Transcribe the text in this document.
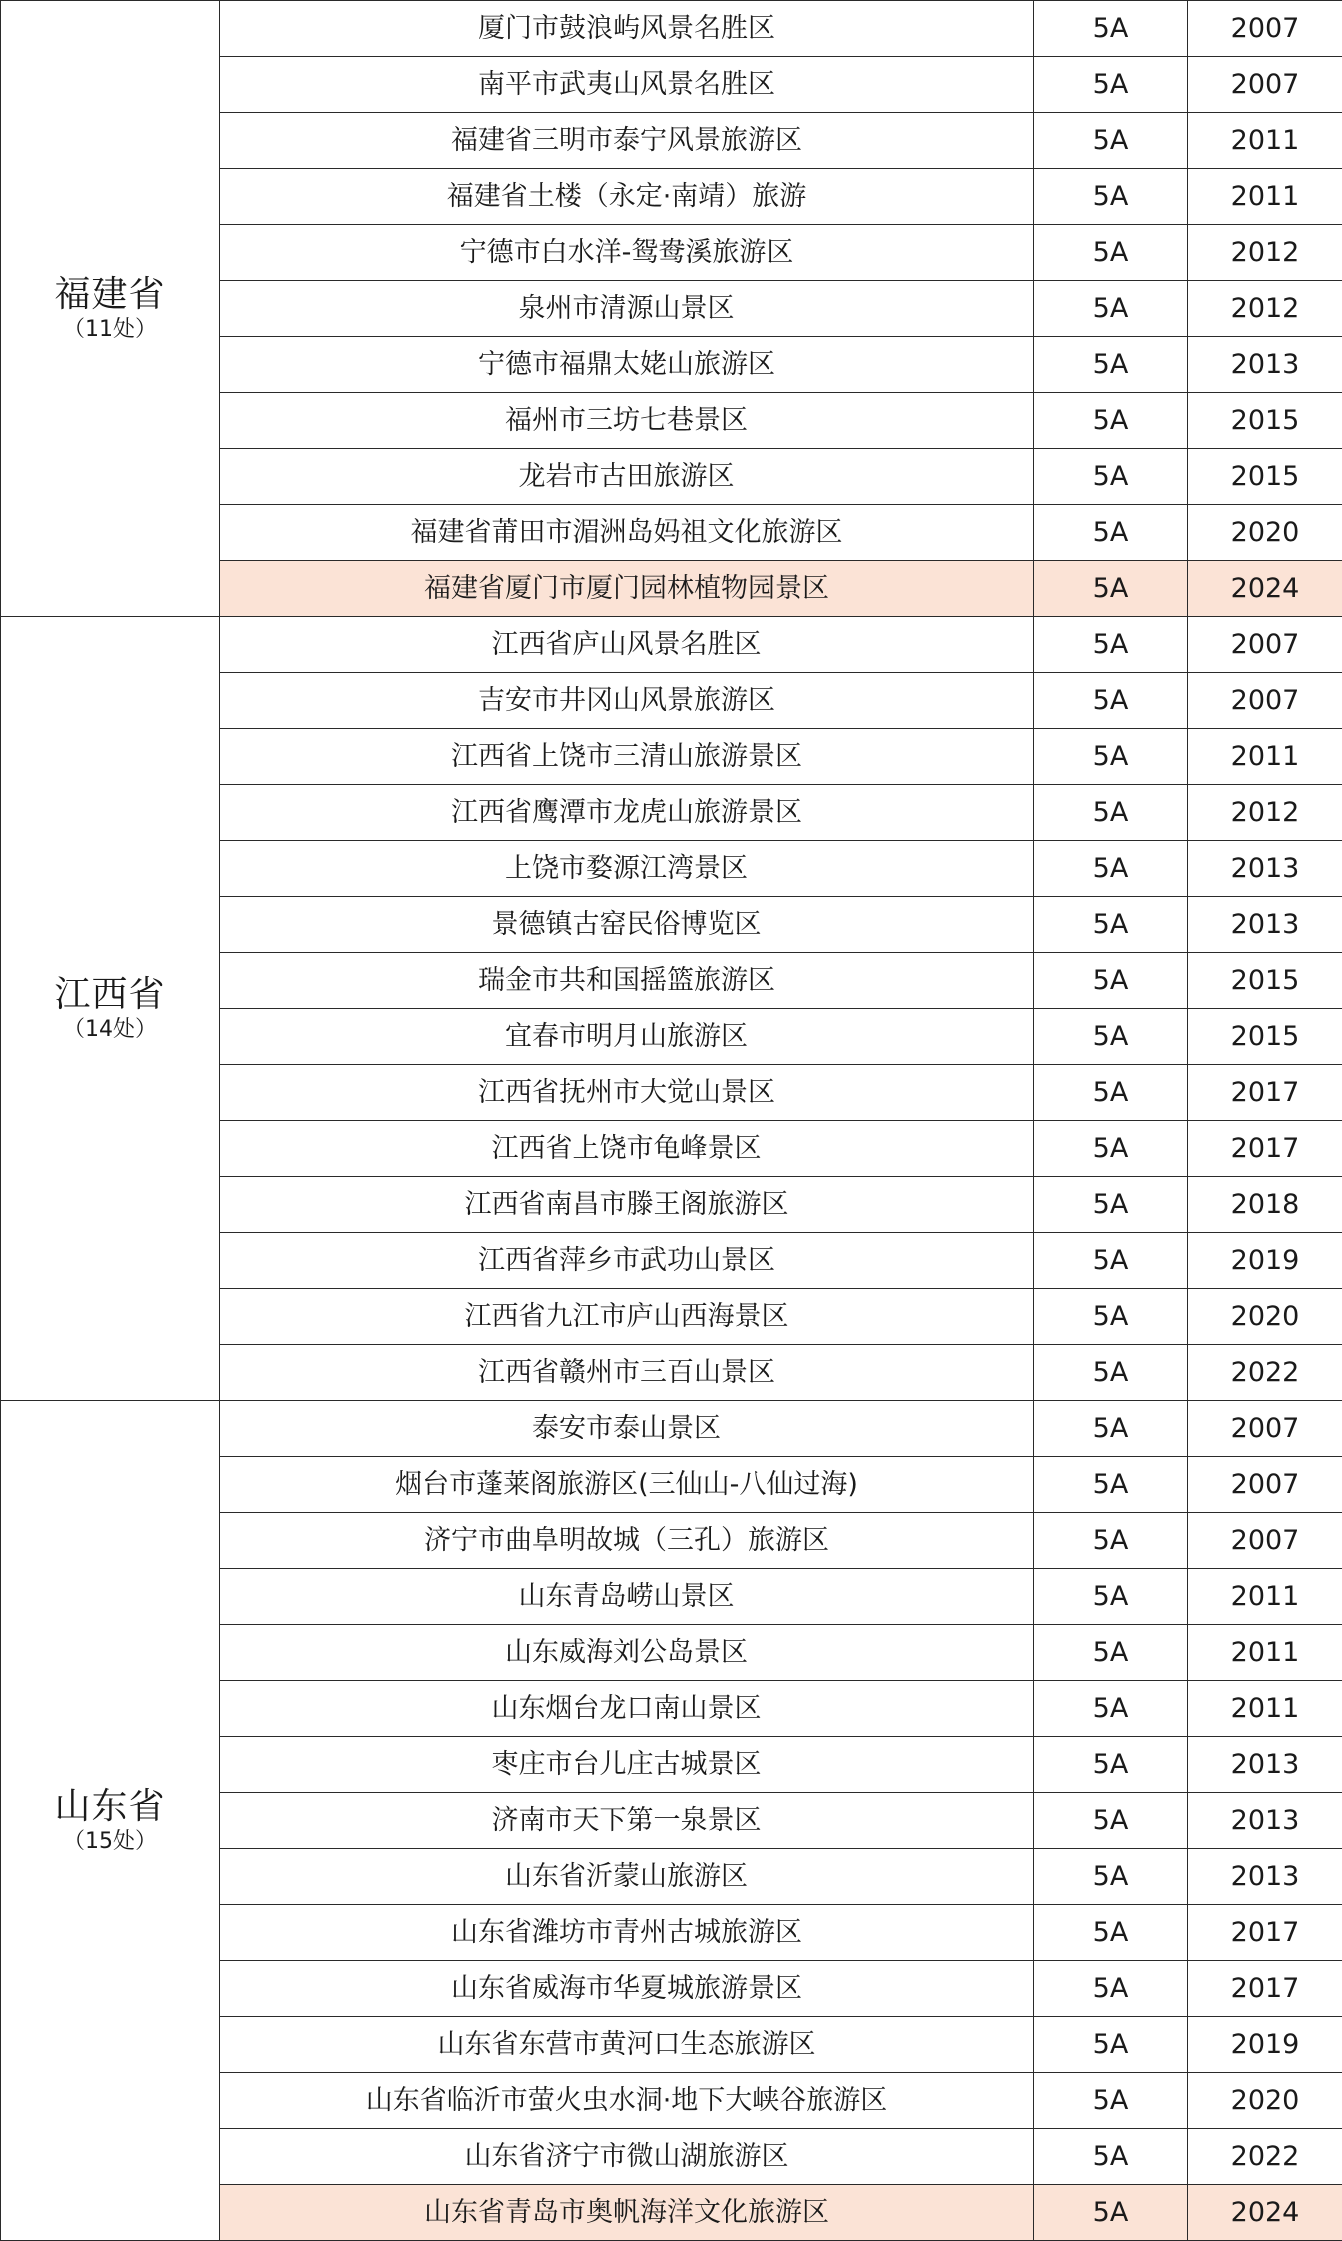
福建省
（11处）	厦门市鼓浪屿风景名胜区	5A	2007
	南平市武夷山风景名胜区	5A	2007
	福建省三明市泰宁风景旅游区	5A	2011
	福建省土楼（永定·南靖）旅游	5A	2011
	宁德市白水洋-鸳鸯溪旅游区	5A	2012
	泉州市清源山景区	5A	2012
	宁德市福鼎太姥山旅游区	5A	2013
	福州市三坊七巷景区	5A	2015
	龙岩市古田旅游区	5A	2015
	福建省莆田市湄洲岛妈祖文化旅游区	5A	2020
	福建省厦门市厦门园林植物园景区	5A	2024

江西省
（14处）	江西省庐山风景名胜区	5A	2007
	吉安市井冈山风景旅游区	5A	2007
	江西省上饶市三清山旅游景区	5A	2011
	江西省鹰潭市龙虎山旅游景区	5A	2012
	上饶市婺源江湾景区	5A	2013
	景德镇古窑民俗博览区	5A	2013
	瑞金市共和国摇篮旅游区	5A	2015
	宜春市明月山旅游区	5A	2015
	江西省抚州市大觉山景区	5A	2017
	江西省上饶市龟峰景区	5A	2017
	江西省南昌市滕王阁旅游区	5A	2018
	江西省萍乡市武功山景区	5A	2019
	江西省九江市庐山西海景区	5A	2020
	江西省赣州市三百山景区	5A	2022

山东省
（15处）	泰安市泰山景区	5A	2007
	烟台市蓬莱阁旅游区(三仙山-八仙过海)	5A	2007
	济宁市曲阜明故城（三孔）旅游区	5A	2007
	山东青岛崂山景区	5A	2011
	山东威海刘公岛景区	5A	2011
	山东烟台龙口南山景区	5A	2011
	枣庄市台儿庄古城景区	5A	2013
	济南市天下第一泉景区	5A	2013
	山东省沂蒙山旅游区	5A	2013
	山东省潍坊市青州古城旅游区	5A	2017
	山东省威海市华夏城旅游景区	5A	2017
	山东省东营市黄河口生态旅游区	5A	2019
	山东省临沂市萤火虫水洞·地下大峡谷旅游区	5A	2020
	山东省济宁市微山湖旅游区	5A	2022
	山东省青岛市奥帆海洋文化旅游区	5A	2024
